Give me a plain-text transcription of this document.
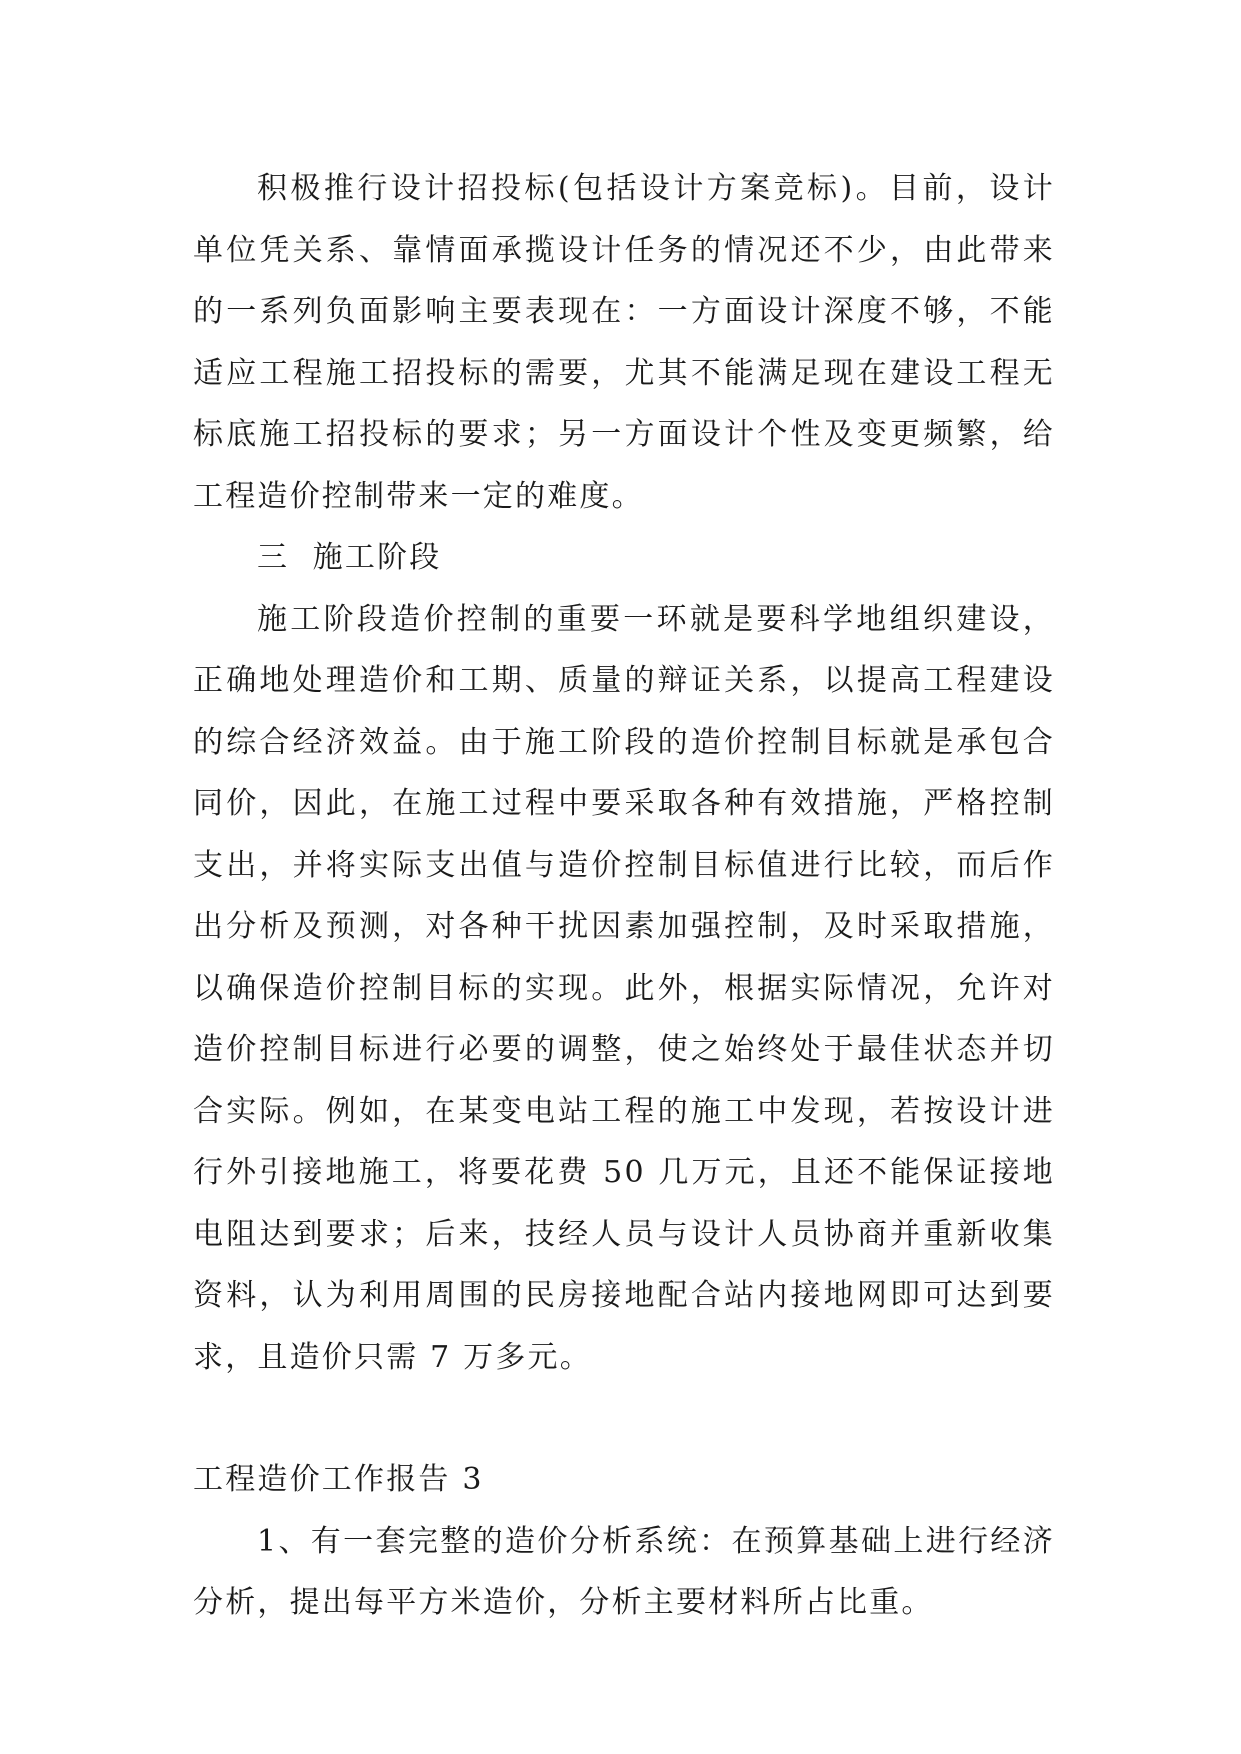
积极推行设计招投标(包括设计方案竞标)。目前，设计单位凭关系、靠情面承揽设计任务的情况还不少，由此带来的一系列负面影响主要表现在：一方面设计深度不够，不能适应工程施工招投标的需要，尤其不能满足现在建设工程无标底施工招投标的要求；另一方面设计个性及变更频繁，给工程造价控制带来一定的难度。

三  施工阶段

施工阶段造价控制的重要一环就是要科学地组织建设，正确地处理造价和工期、质量的辩证关系，以提高工程建设的综合经济效益。由于施工阶段的造价控制目标就是承包合同价，因此，在施工过程中要采取各种有效措施，严格控制支出，并将实际支出值与造价控制目标值进行比较，而后作出分析及预测，对各种干扰因素加强控制，及时采取措施，以确保造价控制目标的实现。此外，根据实际情况，允许对造价控制目标进行必要的调整，使之始终处于最佳状态并切合实际。例如，在某变电站工程的施工中发现，若按设计进行外引接地施工，将要花费 50 几万元，且还不能保证接地电阻达到要求；后来，技经人员与设计人员协商并重新收集资料，认为利用周围的民房接地配合站内接地网即可达到要求，且造价只需 7 万多元。

工程造价工作报告 3

1、有一套完整的造价分析系统：在预算基础上进行经济分析，提出每平方米造价，分析主要材料所占比重。
